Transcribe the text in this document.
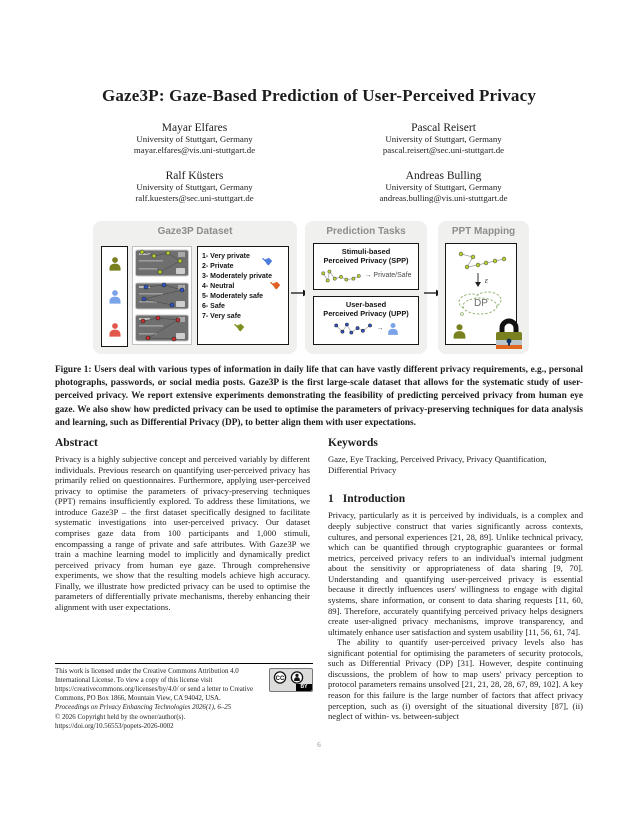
Gaze3P: Gaze-Based Prediction of User-Perceived Privacy
Mayar Elfares
University of Stuttgart, Germany
mayar.elfares@vis.uni-stuttgart.de
Pascal Reisert
University of Stuttgart, Germany
pascal.reisert@sec.uni-stuttgart.de
Ralf Küsters
University of Stuttgart, Germany
ralf.kuesters@sec.uni-stuttgart.de
Andreas Bulling
University of Stuttgart, Germany
andreas.bulling@vis.uni-stuttgart.de
Gaze3P Dataset
1- Very private
2- Private
3- Moderately private
4- Neutral
5- Moderately safe
6- Safe
7- Very safe
☛
☛
☛
Prediction Tasks
Stimuli-based
Perceived Privacy (SPP)
→ Private/Safe
User-based
Perceived Privacy (UPP)
→
PPT Mapping
ε
DP
Figure 1: Users deal with various types of information in daily life that can have vastly different privacy requirements, e.g., personal photographs, passwords, or social media posts. Gaze3P is the first large-scale dataset that allows for the systematic study of user-perceived privacy. We report extensive experiments demonstrating the feasibility of predicting perceived privacy from human eye gaze. We also show how predicted privacy can be used to optimise the parameters of privacy-preserving techniques for data analysis and learning, such as Differential Privacy (DP), to better align them with user expectations.
Abstract

Privacy is a highly subjective concept and perceived variably by different individuals. Previous research on quantifying user-perceived privacy has primarily relied on questionnaires. Furthermore, applying user-perceived privacy to optimise the parameters of privacy-preserving techniques (PPT) remains insufficiently explored. To address these limitations, we introduce Gaze3P – the first dataset specifically designed to facilitate systematic investigations into user-perceived privacy. Our dataset comprises gaze data from 100 participants and 1,000 stimuli, encompassing a range of private and safe attributes. With Gaze3P we train a machine learning model to implicitly and dynamically predict perceived privacy from human eye gaze. Through comprehensive experiments, we show that the resulting models achieve high accuracy. Finally, we illustrate how predicted privacy can be used to optimise the parameters of differentially private mechanisms, thereby enhancing their alignment with user expectations.

Keywords

Gaze, Eye Tracking, Perceived Privacy, Privacy Quantification, Differential Privacy

1 Introduction

Privacy, particularly as it is perceived by individuals, is a complex and deeply subjective construct that varies significantly across contexts, cultures, and personal experiences [21, 28, 89]. Unlike technical privacy, which can be quantified through cryptographic guarantees or formal metrics, perceived privacy refers to an individual's internal judgment about the sensitivity or appropriateness of data sharing [9, 70]. Understanding and quantifying user-perceived privacy is essential because it directly influences users' willingness to engage with digital systems, share information, or consent to data sharing requests [11, 60, 89]. Therefore, accurately quantifying perceived privacy helps designers create user-aligned privacy mechanisms, improve transparency, and ultimately enhance user satisfaction and system usability [11, 56, 61, 74].

The ability to quantify user-perceived privacy levels also has significant potential for optimising the parameters of security protocols, such as Differential Privacy (DP) [31]. However, despite continuing discussions, the problem of how to map users' privacy perception to protocol parameters remains unsolved [21, 21, 28, 28, 67, 89, 102]. A key reason for this failure is the large number of factors that affect privacy perception, such as (i) oversight of the situational diversity [87], (ii) neglect of within- vs. between-subject

CC
BY
This work is licensed under the Creative Commons Attribution 4.0 International License. To view a copy of this license visit https://creativecommons.org/licenses/by/4.0/ or send a letter to Creative Commons, PO Box 1866, Mountain View, CA 94042, USA.
Proceedings on Privacy Enhancing Technologies 2026(1), 6–25
© 2026 Copyright held by the owner/author(s).
https://doi.org/10.56553/popets-2026-0002
6
